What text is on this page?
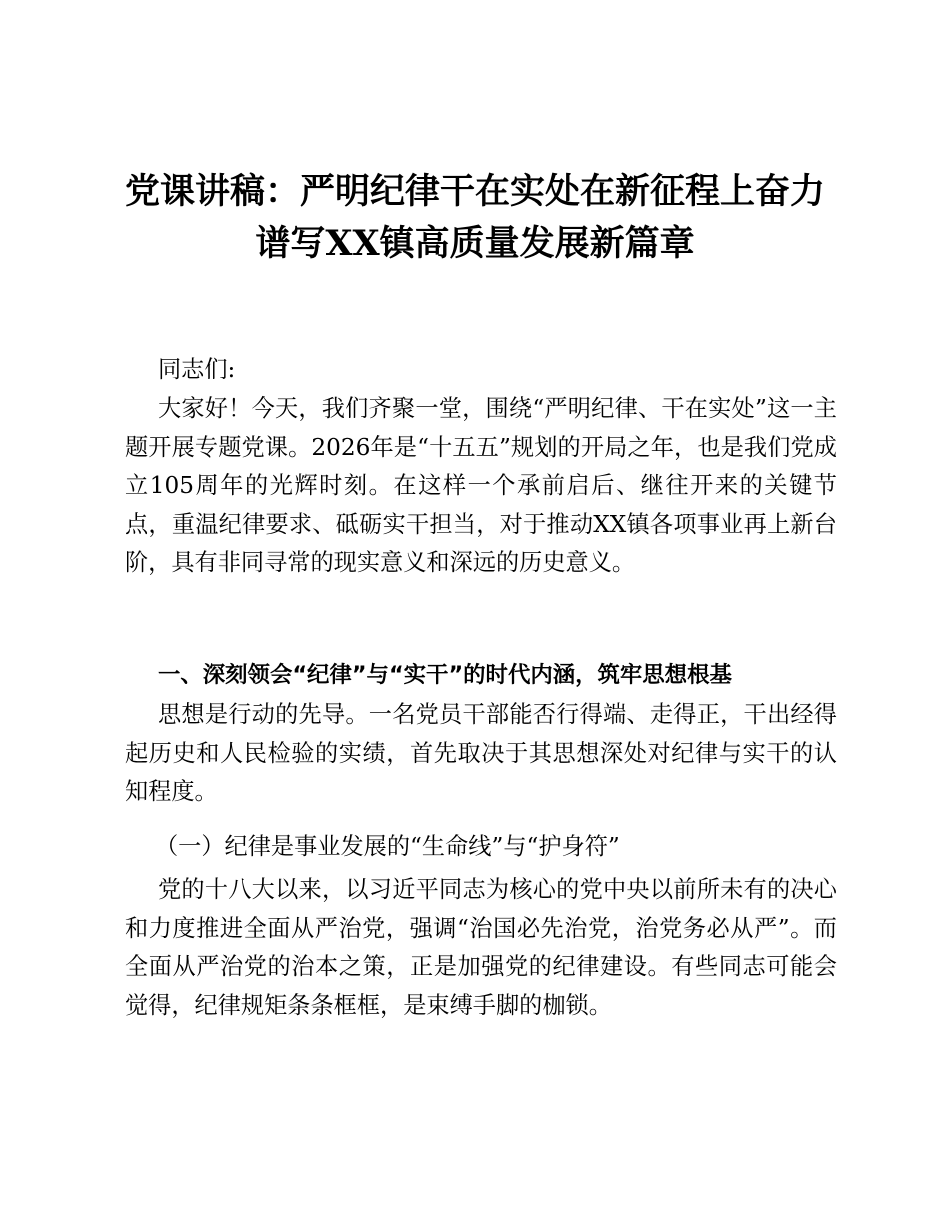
党课讲稿：严明纪律干在实处在新征程上奋力
谱写XX镇高质量发展新篇章

同志们:

大家好！今天，我们齐聚一堂，围绕“严明纪律、干在实处”这一主题开展专题党课。2026年是“十五五”规划的开局之年，也是我们党成立105周年的光辉时刻。在这样一个承前启后、继往开来的关键节点，重温纪律要求、砥砺实干担当，对于推动XX镇各项事业再上新台阶，具有非同寻常的现实意义和深远的历史意义。

一、深刻领会“纪律”与“实干”的时代内涵，筑牢思想根基

思想是行动的先导。一名党员干部能否行得端、走得正，干出经得起历史和人民检验的实绩，首先取决于其思想深处对纪律与实干的认知程度。

（一）纪律是事业发展的“生命线”与“护身符”

党的十八大以来，以习近平同志为核心的党中央以前所未有的决心和力度推进全面从严治党，强调“治国必先治党，治党务必从严”。而全面从严治党的治本之策，正是加强党的纪律建设。有些同志可能会觉得，纪律规矩条条框框，是束缚手脚的枷锁。
